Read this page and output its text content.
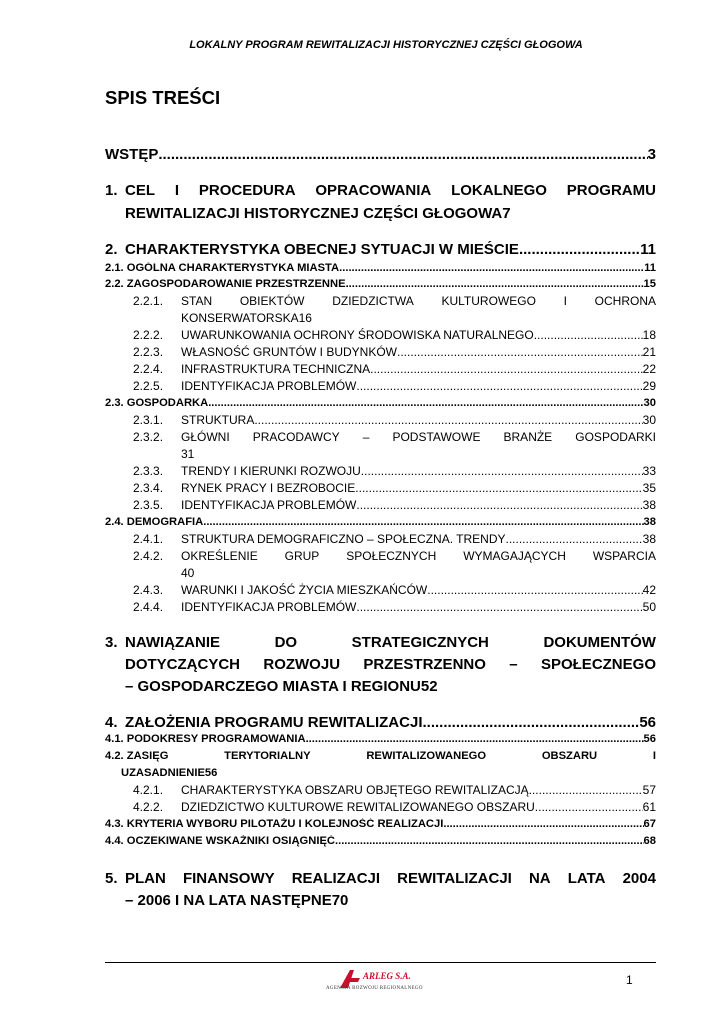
LOKALNY PROGRAM REWITALIZACJI HISTORYCZNEJ CZĘŚCI GŁOGOWA
SPIS TREŚCI
WSTĘP .....	3
1. CEL I PROCEDURA OPRACOWANIA LOKALNEGO PROGRAMU
REWITALIZACJI HISTORYCZNEJ CZĘŚCI GŁOGOWA 7
2. CHARAKTERYSTYKA OBECNEJ SYTUACJI W MIEŚCIE .....	11
2.1. OGÓLNA CHARAKTERYSTYKA MIASTA .....	11
2.2. ZAGOSPODAROWANIE PRZESTRZENNE .....	15
2.2.1.	STAN OBIEKTÓW DZIEDZICTWA KULTUROWEGO I OCHRONA
KONSERWATORSKA 16
2.2.2.	UWARUNKOWANIA OCHRONY ŚRODOWISKA NATURALNEGO .....	18
2.2.3.	WŁASNOŚĆ GRUNTÓW I BUDYNKÓW .....	21
2.2.4.	INFRASTRUKTURA TECHNICZNA .....	22
2.2.5.	IDENTYFIKACJA PROBLEMÓW .....	29
2.3. GOSPODARKA .....	30
2.3.1.	STRUKTURA .....	30
2.3.2.	GŁÓWNI PRACODAWCY – PODSTAWOWE BRANŻE GOSPODARKI
31
2.3.3.	TRENDY I KIERUNKI ROZWOJU .....	33
2.3.4.	RYNEK PRACY I BEZROBOCIE .....	35
2.3.5.	IDENTYFIKACJA PROBLEMÓW .....	38
2.4. DEMOGRAFIA .....	38
2.4.1.	STRUKTURA DEMOGRAFICZNO – SPOŁECZNA. TRENDY .....	38
2.4.2.	OKREŚLENIE GRUP SPOŁECZNYCH WYMAGAJĄCYCH WSPARCIA
40
2.4.3.	WARUNKI I JAKOŚĆ ŻYCIA MIESZKAŃCÓW .....	42
2.4.4.	IDENTYFIKACJA PROBLEMÓW .....	50
3. NAWIĄZANIE	DO	STRATEGICZNYCH	DOKUMENTÓW
DOTYCZĄCYCH ROZWOJU PRZESTRZENNO – SPOŁECZNEGO
– GOSPODARCZEGO MIASTA I REGIONU 52
4. ZAŁOŻENIA PROGRAMU REWITALIZACJI .....	56
4.1. PODOKRESY PROGRAMOWANIA .....	56
4.2. ZASIĘG	TERYTORIALNY	REWITALIZOWANEGO	OBSZARU	I
UZASADNIENIE 56
4.2.1.	CHARAKTERYSTYKA OBSZARU OBJĘTEGO REWITALIZACJĄ .....	57
4.2.2.	DZIEDZICTWO KULTUROWE REWITALIZOWANEGO OBSZARU .....	61
4.3. KRYTERIA WYBORU PILOTAŻU I KOLEJNOŚĆ REALIZACJI .....	67
4.4. OCZEKIWANE WSKAŹNIKI OSIĄGNIĘĆ .....	68
5. PLAN FINANSOWY REALIZACJI REWITALIZACJI NA LATA 2004
– 2006 I NA LATA NASTĘPNE 70
ARLEG S.A.
AGENCJA ROZWOJU REGIONALNEGO
1
